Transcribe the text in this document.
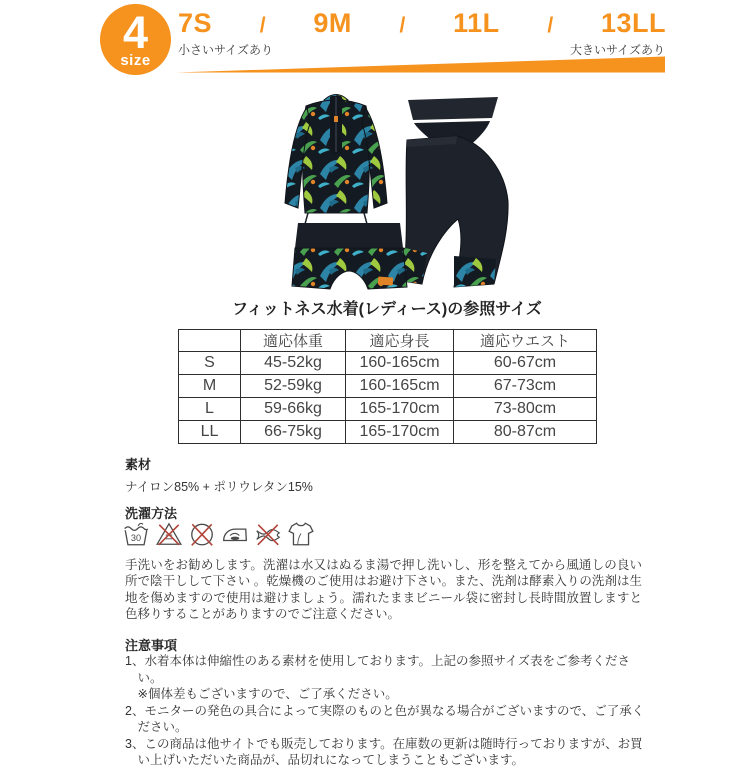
4
size
7S / 9M / 11L / 13LL
小さいサイズあり	大きいサイズあり
フィットネス水着(レディース)の参照サイズ
	適応体重	適応身長	適応ウエスト
S	45-52kg	160-165cm	60-67cm
M	52-59kg	160-165cm	67-73cm
L	59-66kg	165-170cm	73-80cm
LL	66-75kg	165-170cm	80-87cm
素材
ナイロン85% + ポリウレタン15%
洗濯方法
30
手洗いをお勧めします。洗濯は水又はぬるま湯で押し洗いし、形を整えてから風通しの良い所で陰干しして下さい 。乾燥機のご使用はお避け下さい。また、洗剤は酵素入りの洗剤は生地を傷めますので使用は避けましょう。濡れたままビニール袋に密封し長時間放置しますと色移りすることがありますのでご注意ください。
注意事項
1、水着本体は伸縮性のある素材を使用しております。上記の参照サイズ表をご参考ください。
※個体差もございますので、ご了承ください。
2、モニターの発色の具合によって実際のものと色が異なる場合がございますので、ご了承ください。
3、この商品は他サイトでも販売しております。在庫数の更新は随時行っておりますが、お買い上げいただいた商品が、品切れになってしまうこともございます。
